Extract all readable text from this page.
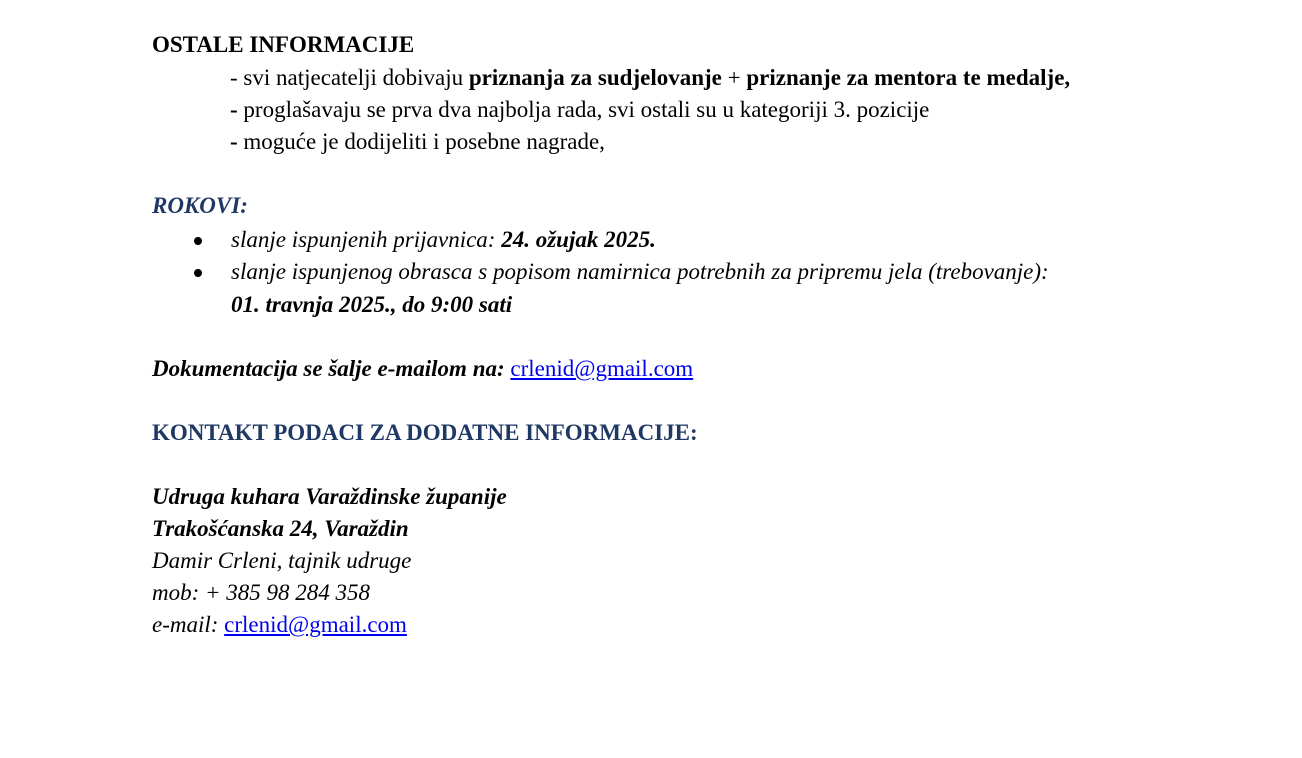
OSTALE INFORMACIJE
- svi natjecatelji dobivaju priznanja za sudjelovanje + priznanje za mentora te medalje,
- proglašavaju se prva dva najbolja rada, svi ostali su u kategoriji 3. pozicije
- moguće je dodijeliti i posebne nagrade,
ROKOVI:
slanje ispunjenih prijavnica: 24. ožujak 2025.
slanje ispunjenog obrasca s popisom namirnica potrebnih za pripremu jela (trebovanje):
01. travnja 2025., do 9:00 sati
Dokumentacija se šalje e-mailom na: crlenid@gmail.com
KONTAKT PODACI ZA DODATNE INFORMACIJE:
Udruga kuhara Varaždinske županije
Trakošćanska 24, Varaždin
Damir Crleni, tajnik udruge
mob: + 385 98 284 358
e-mail: crlenid@gmail.com
